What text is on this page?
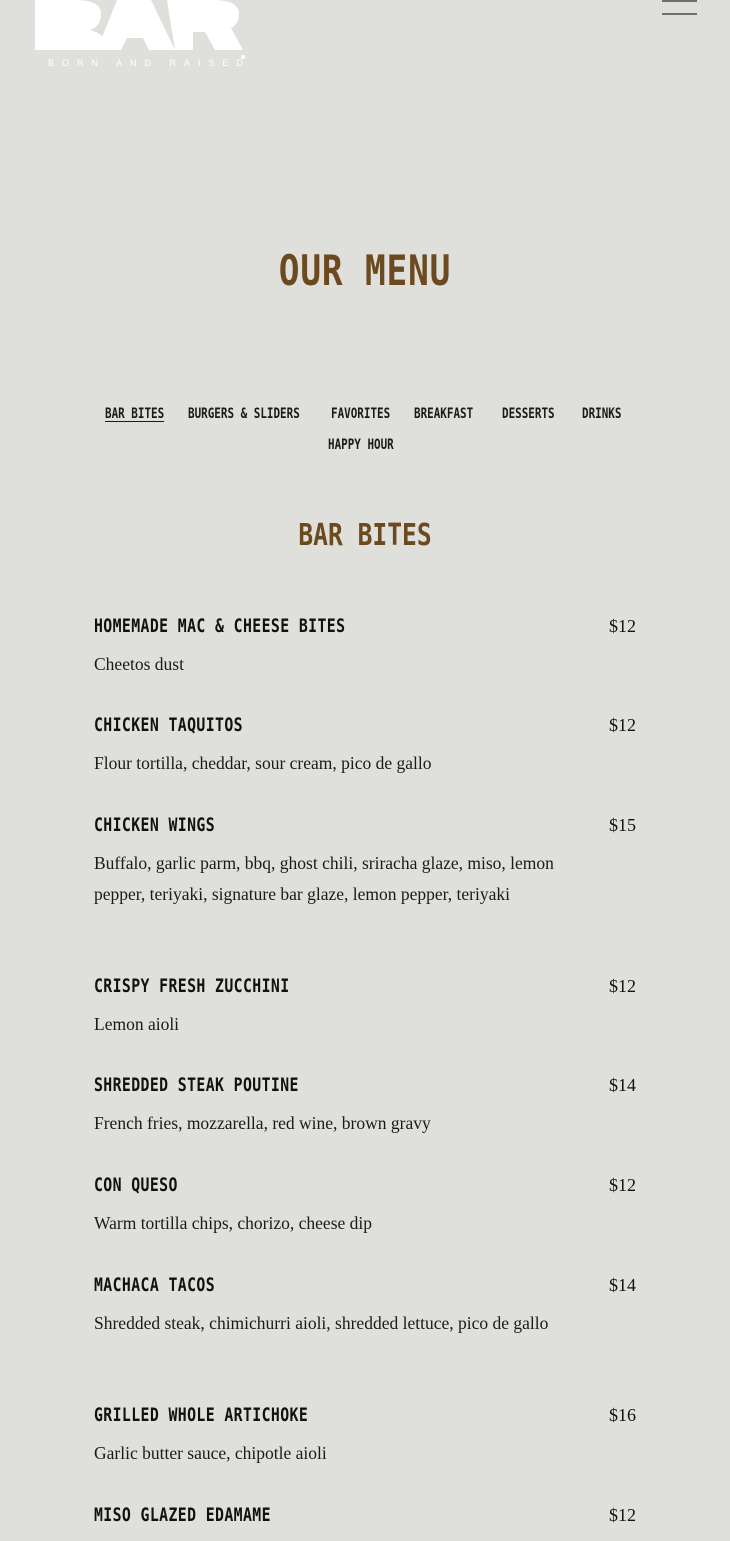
BORN AND RAISED
OUR MENU
BAR BITES BURGERS & SLIDERS FAVORITES BREAKFAST DESSERTS DRINKS
HAPPY HOUR
BAR BITES
HOMEMADE MAC & CHEESE BITES	$12
Cheetos dust
CHICKEN TAQUITOS	$12
Flour tortilla, cheddar, sour cream, pico de gallo
CHICKEN WINGS	$15
Buffalo, garlic parm, bbq, ghost chili, sriracha glaze, miso, lemon pepper, teriyaki, signature bar glaze, lemon pepper, teriyaki
CRISPY FRESH ZUCCHINI	$12
Lemon aioli
SHREDDED STEAK POUTINE	$14
French fries, mozzarella, red wine, brown gravy
CON QUESO	$12
Warm tortilla chips, chorizo, cheese dip
MACHACA TACOS	$14
Shredded steak, chimichurri aioli, shredded lettuce, pico de gallo
GRILLED WHOLE ARTICHOKE	$16
Garlic butter sauce, chipotle aioli
MISO GLAZED EDAMAME	$12
